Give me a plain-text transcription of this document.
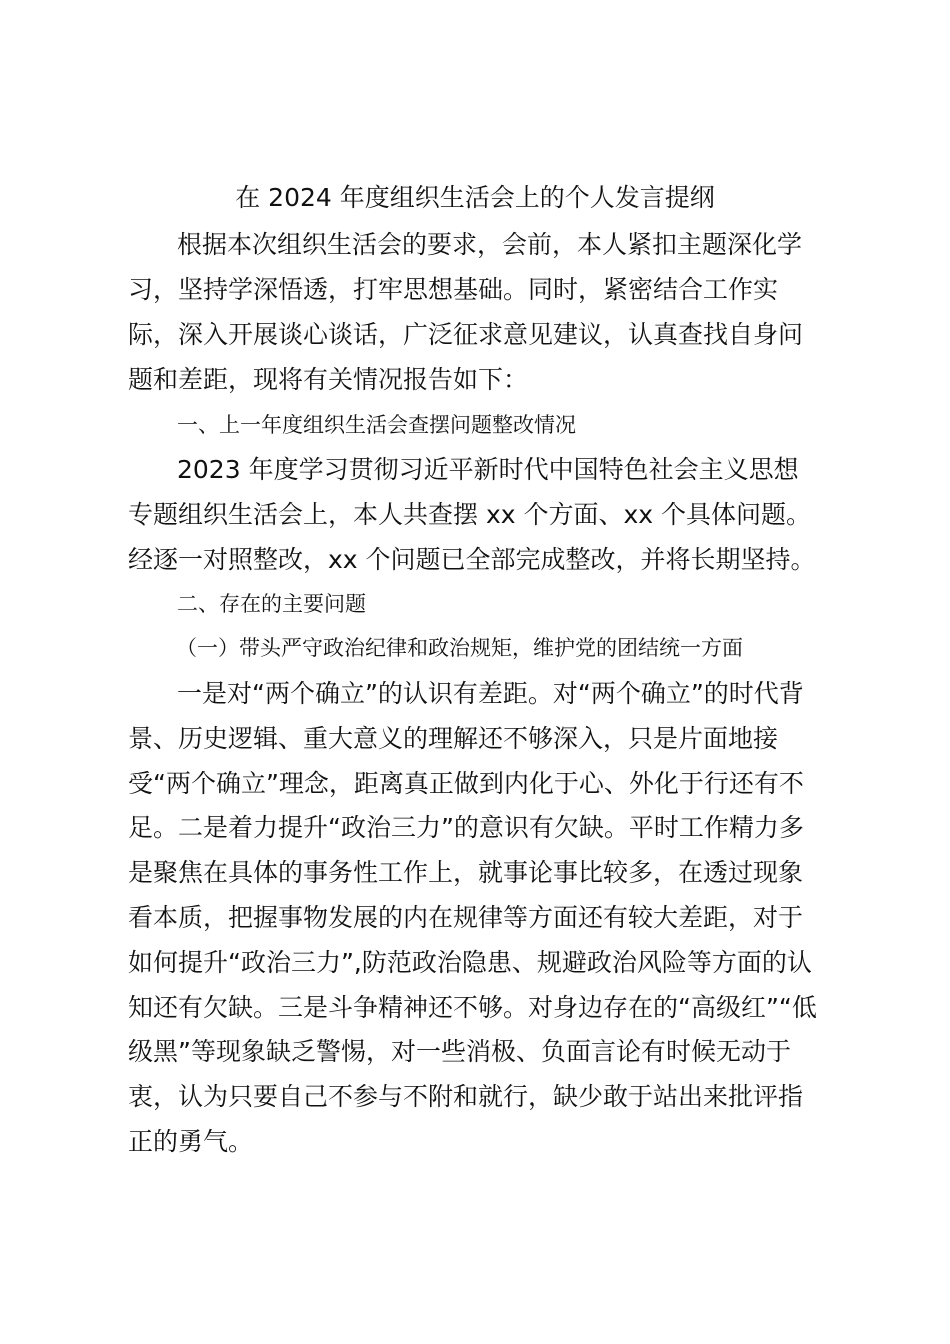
在 2024 年度组织生活会上的个人发言提纲
根据本次组织生活会的要求，会前，本人紧扣主题深化学
习，坚持学深悟透，打牢思想基础。同时，紧密结合工作实
际，深入开展谈心谈话，广泛征求意见建议，认真查找自身问
题和差距，现将有关情况报告如下：
一、上一年度组织生活会查摆问题整改情况
2023 年度学习贯彻习近平新时代中国特色社会主义思想
专题组织生活会上，本人共查摆 xx 个方面、xx 个具体问题。
经逐一对照整改，xx 个问题已全部完成整改，并将长期坚持。
二、存在的主要问题
（一）带头严守政治纪律和政治规矩，维护党的团结统一方面
一是对“两个确立”的认识有差距。对“两个确立”的时代背
景、历史逻辑、重大意义的理解还不够深入，只是片面地接
受“两个确立”理念，距离真正做到内化于心、外化于行还有不
足。二是着力提升“政治三力”的意识有欠缺。平时工作精力多
是聚焦在具体的事务性工作上，就事论事比较多，在透过现象
看本质，把握事物发展的内在规律等方面还有较大差距，对于
如何提升“政治三力”,防范政治隐患、规避政治风险等方面的认
知还有欠缺。三是斗争精神还不够。对身边存在的“高级红”“低
级黑”等现象缺乏警惕，对一些消极、负面言论有时候无动于
衷，认为只要自己不参与不附和就行，缺少敢于站出来批评指
正的勇气。
